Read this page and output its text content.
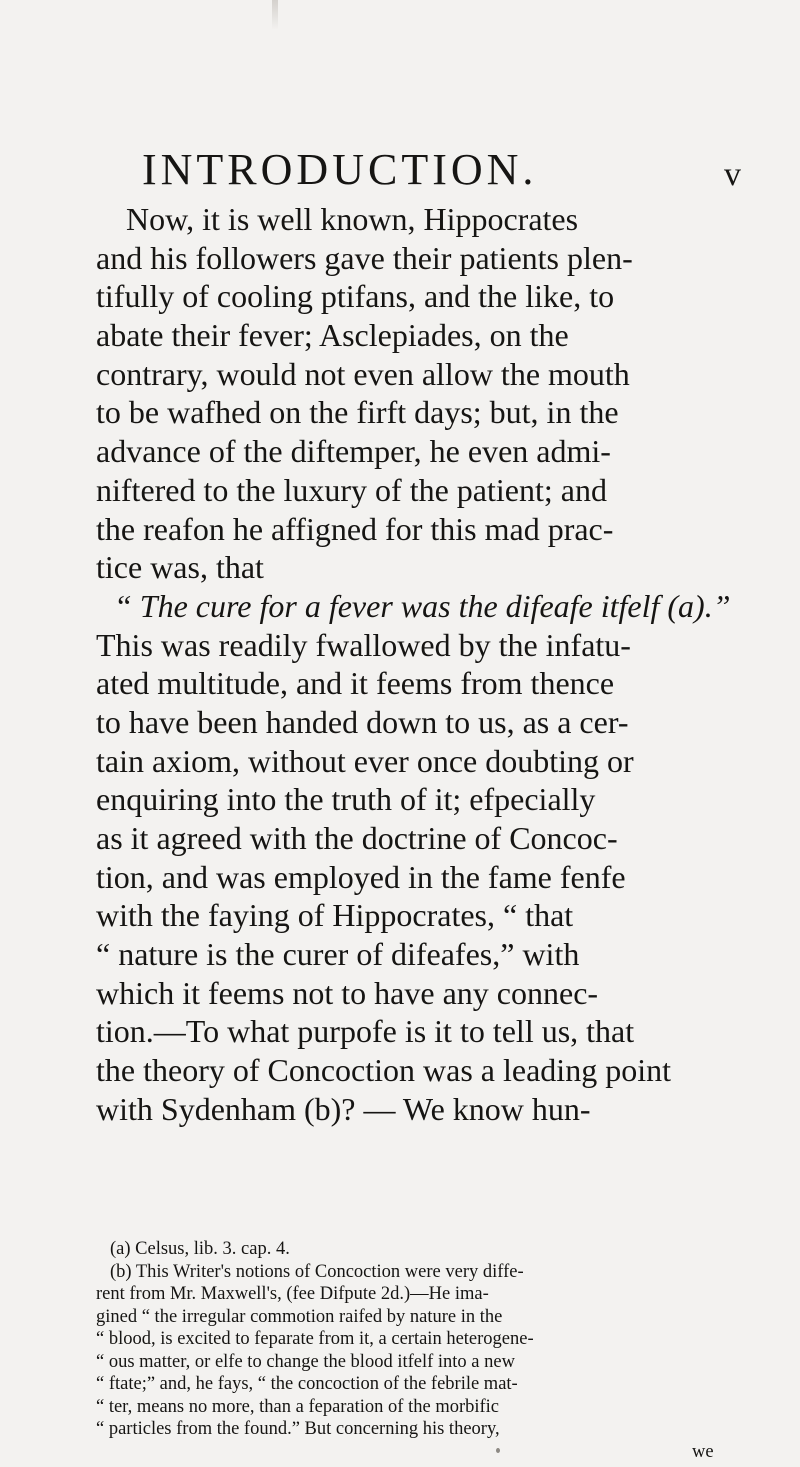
INTRODUCTION.	v
Now, it is well known, Hippocrates
and his followers gave their patients plen-
tifully of cooling ptifans, and the like, to
abate their fever; Asclepiades, on the
contrary, would not even allow the mouth
to be wafhed on the firft days; but, in the
advance of the diftemper, he even admi-
niftered to the luxury of the patient; and
the reafon he affigned for this mad prac-
tice was, that
“ The cure for a fever was the difeafe itfelf (a).”
This was readily fwallowed by the infatu-
ated multitude, and it feems from thence
to have been handed down to us, as a cer-
tain axiom, without ever once doubting or
enquiring into the truth of it; efpecially
as it agreed with the doctrine of Concoc-
tion, and was employed in the fame fenfe
with the faying of Hippocrates, “ that
“ nature is the curer of difeafes,” with
which it feems not to have any connec-
tion.—To what purpofe is it to tell us, that
the theory of Concoction was a leading point
with Sydenham (b)? — We know hun-
(a) Celsus, lib. 3. cap. 4.
(b) This Writer's notions of Concoction were very diffe-
rent from Mr. Maxwell's, (fee Difpute 2d.)—He ima-
gined “ the irregular commotion raifed by nature in the
“ blood, is excited to feparate from it, a certain heterogene-
“ ous matter, or elfe to change the blood itfelf into a new
“ ftate;” and, he fays, “ the concoction of the febrile mat-
“ ter, means no more, than a feparation of the morbific
“ particles from the found.” But concerning his theory,
we
